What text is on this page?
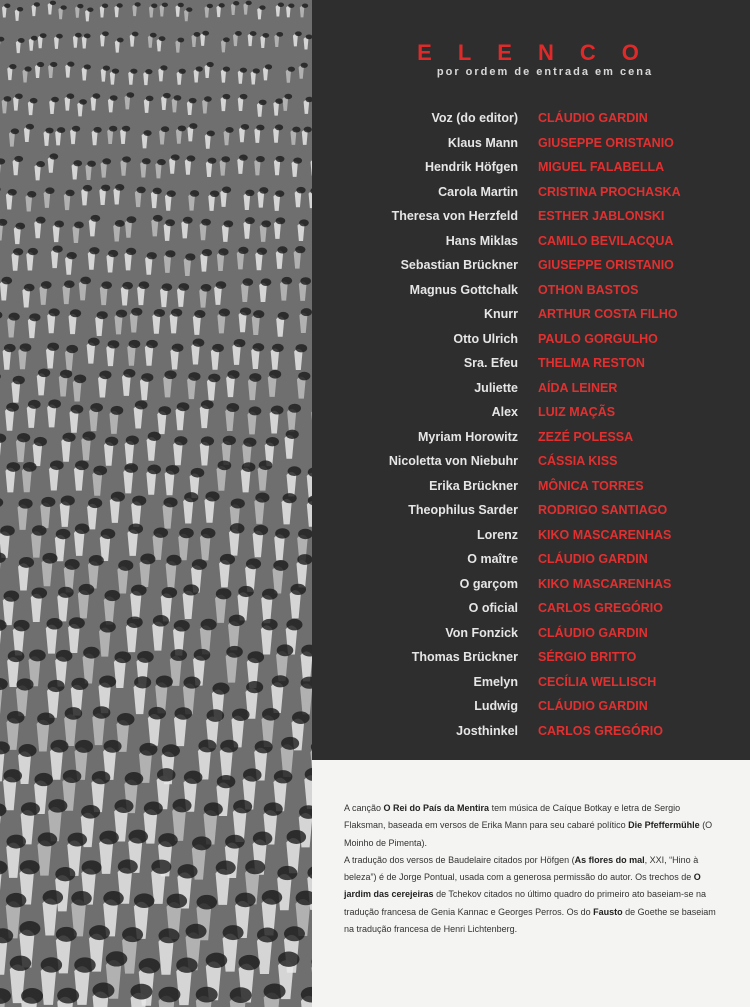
ELENCO
por ordem de entrada em cena
Voz (do editor) CLÁUDIO GARDIN
Klaus Mann GIUSEPPE ORISTANIO
Hendrik Höfgen MIGUEL FALABELLA
Carola Martin CRISTINA PROCHASKA
Theresa von Herzfeld ESTHER JABLONSKI
Hans Miklas CAMILO BEVILACQUA
Sebastian Brückner GIUSEPPE ORISTANIO
Magnus Gottchalk OTHON BASTOS
Knurr ARTHUR COSTA FILHO
Otto Ulrich PAULO GORGULHO
Sra. Efeu THELMA RESTON
Juliette AÍDA LEINER
Alex LUIZ MAÇÃS
Myriam Horowitz ZEZÉ POLESSA
Nicoletta von Niebuhr CÁSSIA KISS
Erika Brückner MÔNICA TORRES
Theophilus Sarder RODRIGO SANTIAGO
Lorenz KIKO MASCARENHAS
O maître CLÁUDIO GARDIN
O garçom KIKO MASCARENHAS
O oficial CARLOS GREGÓRIO
Von Fonzick CLÁUDIO GARDIN
Thomas Brückner SÉRGIO BRITTO
Emelyn CECÍLIA WELLISCH
Ludwig CLÁUDIO GARDIN
Josthinkel CARLOS GREGÓRIO

A canção O Rei do País da Mentira tem música de Caíque Botkay e letra de Sergio Flaksman, baseada em versos de Erika Mann para seu cabaré político Die Pfeffermühle (O Moinho de Pimenta).

A tradução dos versos de Baudelaire citados por Höfgen (As flores do mal, XXI, “Hino à beleza”) é de Jorge Pontual, usada com a generosa permissão do autor. Os trechos de O jardim das cerejeiras de Tchekov citados no último quadro do primeiro ato baseiam-se na tradução francesa de Genia Kannac e Georges Perros. Os do Fausto de Goethe se baseiam na tradução francesa de Henri Lichtenberg.
